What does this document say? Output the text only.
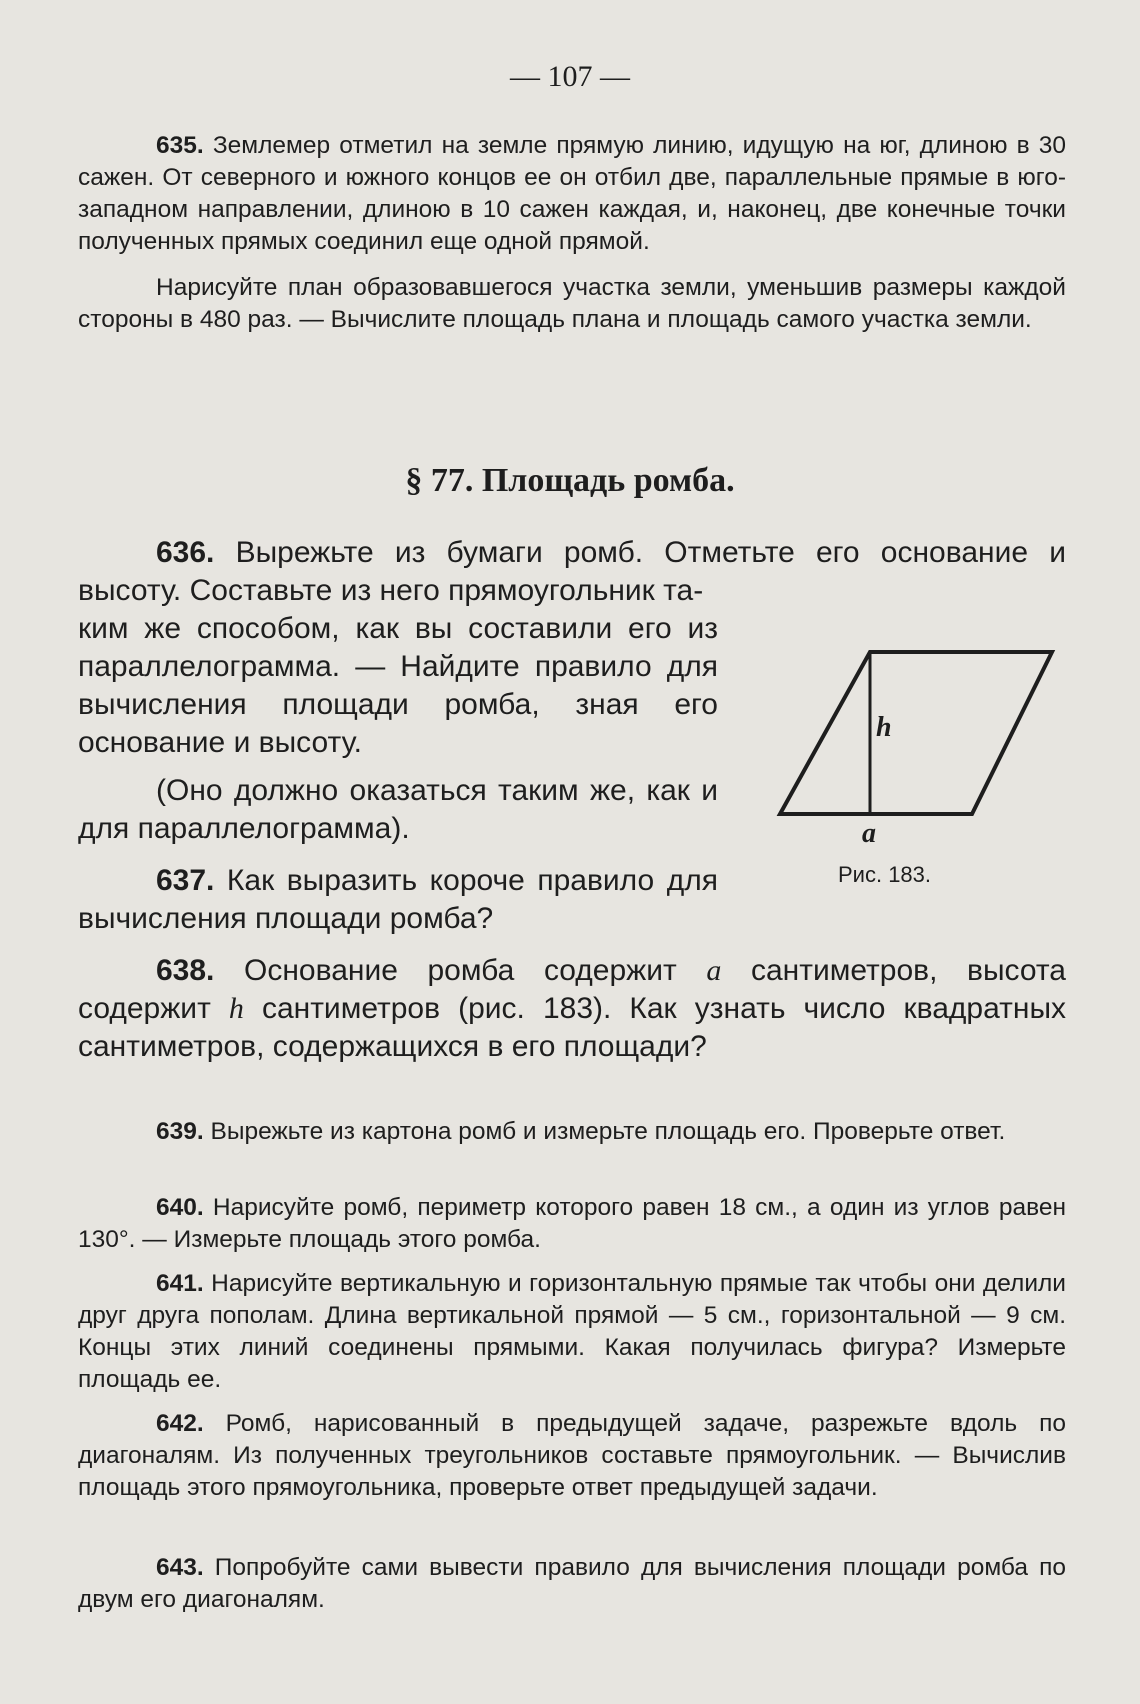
— 107 —

635. Землемер отметил на земле прямую линию, идущую на юг, длиною в 30 сажен. От северного и южного концов ее он отбил две, параллельные прямые в юго-западном направлении, длиною в 10 сажен каждая, и, наконец, две конечные точки полученных прямых соединил еще одной прямой.

Нарисуйте план образовавшегося участка земли, уменьшив размеры каждой стороны в 480 раз. — Вычислите площадь плана и площадь самого участка земли.

§ 77. Площадь ромба.

636. Вырежьте из бумаги ромб. Отметьте его основание и высоту. Составьте из него прямоугольник та-

ким же способом, как вы составили его из параллелограмма. — Найдите правило для вычисления площади ромба, зная его основание и высоту.

(Оно должно оказаться таким же, как и для параллелограмма).

637. Как выразить короче правило для вычисления площади ромба?

h
a
Рис. 183.

638. Основание ромба содержит a сантиметров, высота содержит h сантиметров (рис. 183). Как узнать число квадратных сантиметров, содержащихся в его площади?

639. Вырежьте из картона ромб и измерьте площадь его. Проверьте ответ.

640. Нарисуйте ромб, периметр которого равен 18 см., а один из углов равен 130°. — Измерьте площадь этого ромба.

641. Нарисуйте вертикальную и горизонтальную прямые так чтобы они делили друг друга пополам. Длина вертикальной прямой — 5 см., горизонтальной — 9 см. Концы этих линий соединены прямыми. Какая получилась фигура? Измерьте площадь ее.

642. Ромб, нарисованный в предыдущей задаче, разрежьте вдоль по диагоналям. Из полученных треугольников составьте прямоугольник. — Вычислив площадь этого прямоугольника, проверьте ответ предыдущей задачи.

643. Попробуйте сами вывести правило для вычисления площади ромба по двум его диагоналям.
